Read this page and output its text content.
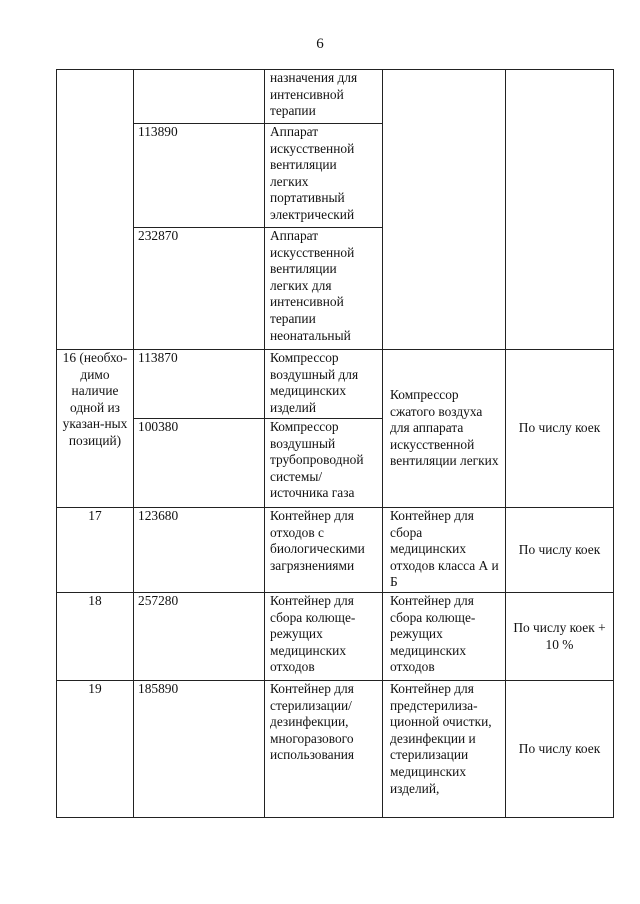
6
		назначения для интенсивной терапии		
	113890	Аппарат искусственной вентиляции легких портативный электрический		
	232870	Аппарат искусственной вентиляции легких для интенсивной терапии неонатальный		
16 (необхо-димо наличие одной из указан-ных позиций)	113870	Компрессор воздушный для медицинских изделий	Компрессор сжатого воздуха для аппарата искусственной вентиляции легких	По числу коек
	100380	Компрессор воздушный трубопроводной системы/ источника газа		
17	123680	Контейнер для отходов с биологическими загрязнениями	Контейнер для сбора медицинских отходов класса А и Б	По числу коек
18	257280	Контейнер для сбора колюще-режущих медицинских отходов	Контейнер для сбора колюще-режущих медицинских отходов	По числу коек + 10 %
19	185890	Контейнер для стерилизации/ дезинфекции, многоразового использования	Контейнер для предстерилиза-ционной очистки, дезинфекции и стерилизации медицинских изделий,	По числу коек
